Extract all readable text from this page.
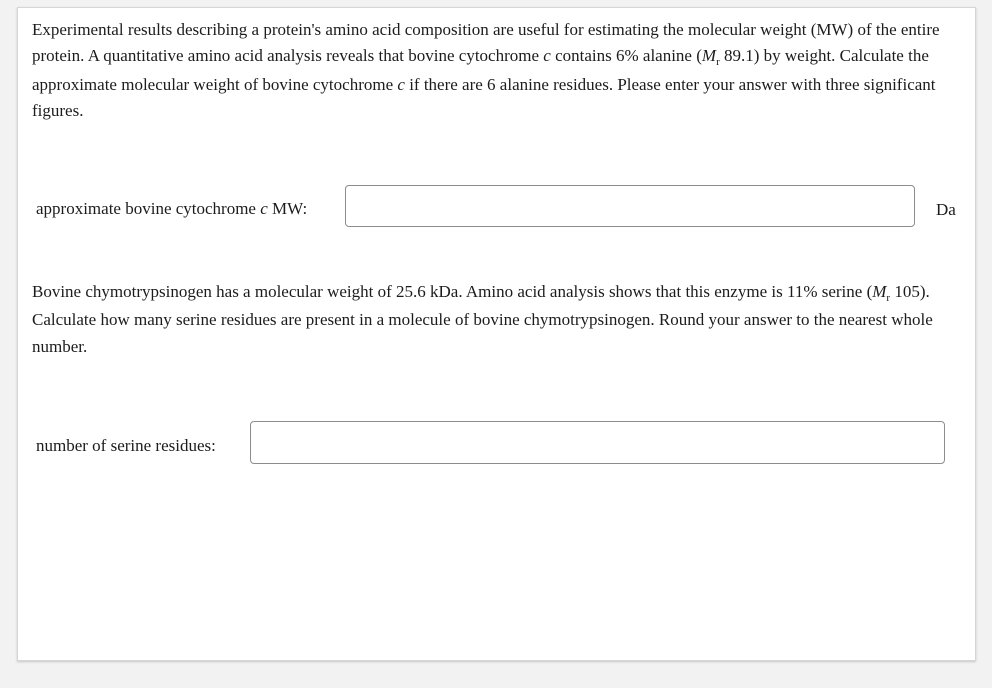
Experimental results describing a protein's amino acid composition are useful for estimating the molecular weight (MW) of the entire protein. A quantitative amino acid analysis reveals that bovine cytochrome c contains 6% alanine ($M_r$ 89.1) by weight. Calculate the approximate molecular weight of bovine cytochrome c if there are 6 alanine residues. Please enter your answer with three significant figures.

approximate bovine cytochrome c MW:	Da

Bovine chymotrypsinogen has a molecular weight of 25.6 kDa. Amino acid analysis shows that this enzyme is 11% serine ($M_r$ 105). Calculate how many serine residues are present in a molecule of bovine chymotrypsinogen. Round your answer to the nearest whole number.

number of serine residues:
